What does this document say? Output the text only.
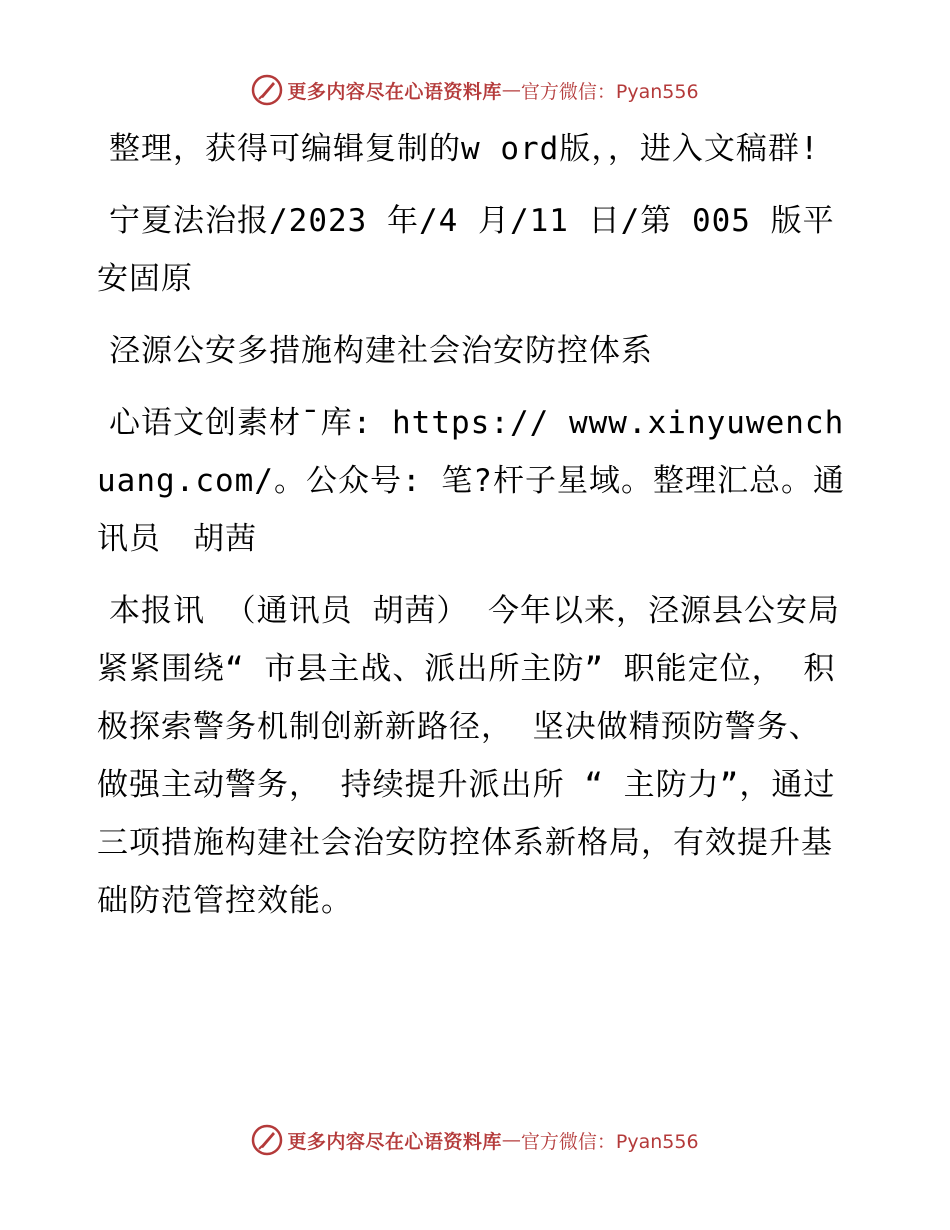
更多内容尽在心语资料库 — 官方微信：Pyan556

整理，获得可编辑复制的w ord版，，进入文稿群!

宁夏法治报/2023 年/4 月/11 日/第 005 版平安固原

泾源公安多措施构建社会治安防控体系

心语文创素材¯库: https:// www.xinyuwenchuang.com/。公众号: 笔?杆子星域。整理汇总。通讯员　胡茜

本报讯 （通讯员 胡茜） 今年以来，泾源县公安局紧紧围绕“ 市县主战、派出所主防” 职能定位， 积极探索警务机制创新新路径， 坚决做精预防警务、 做强主动警务， 持续提升派出所 “ 主防力”，通过三项措施构建社会治安防控体系新格局，有效提升基础防范管控效能。

更多内容尽在心语资料库 — 官方微信：Pyan556
